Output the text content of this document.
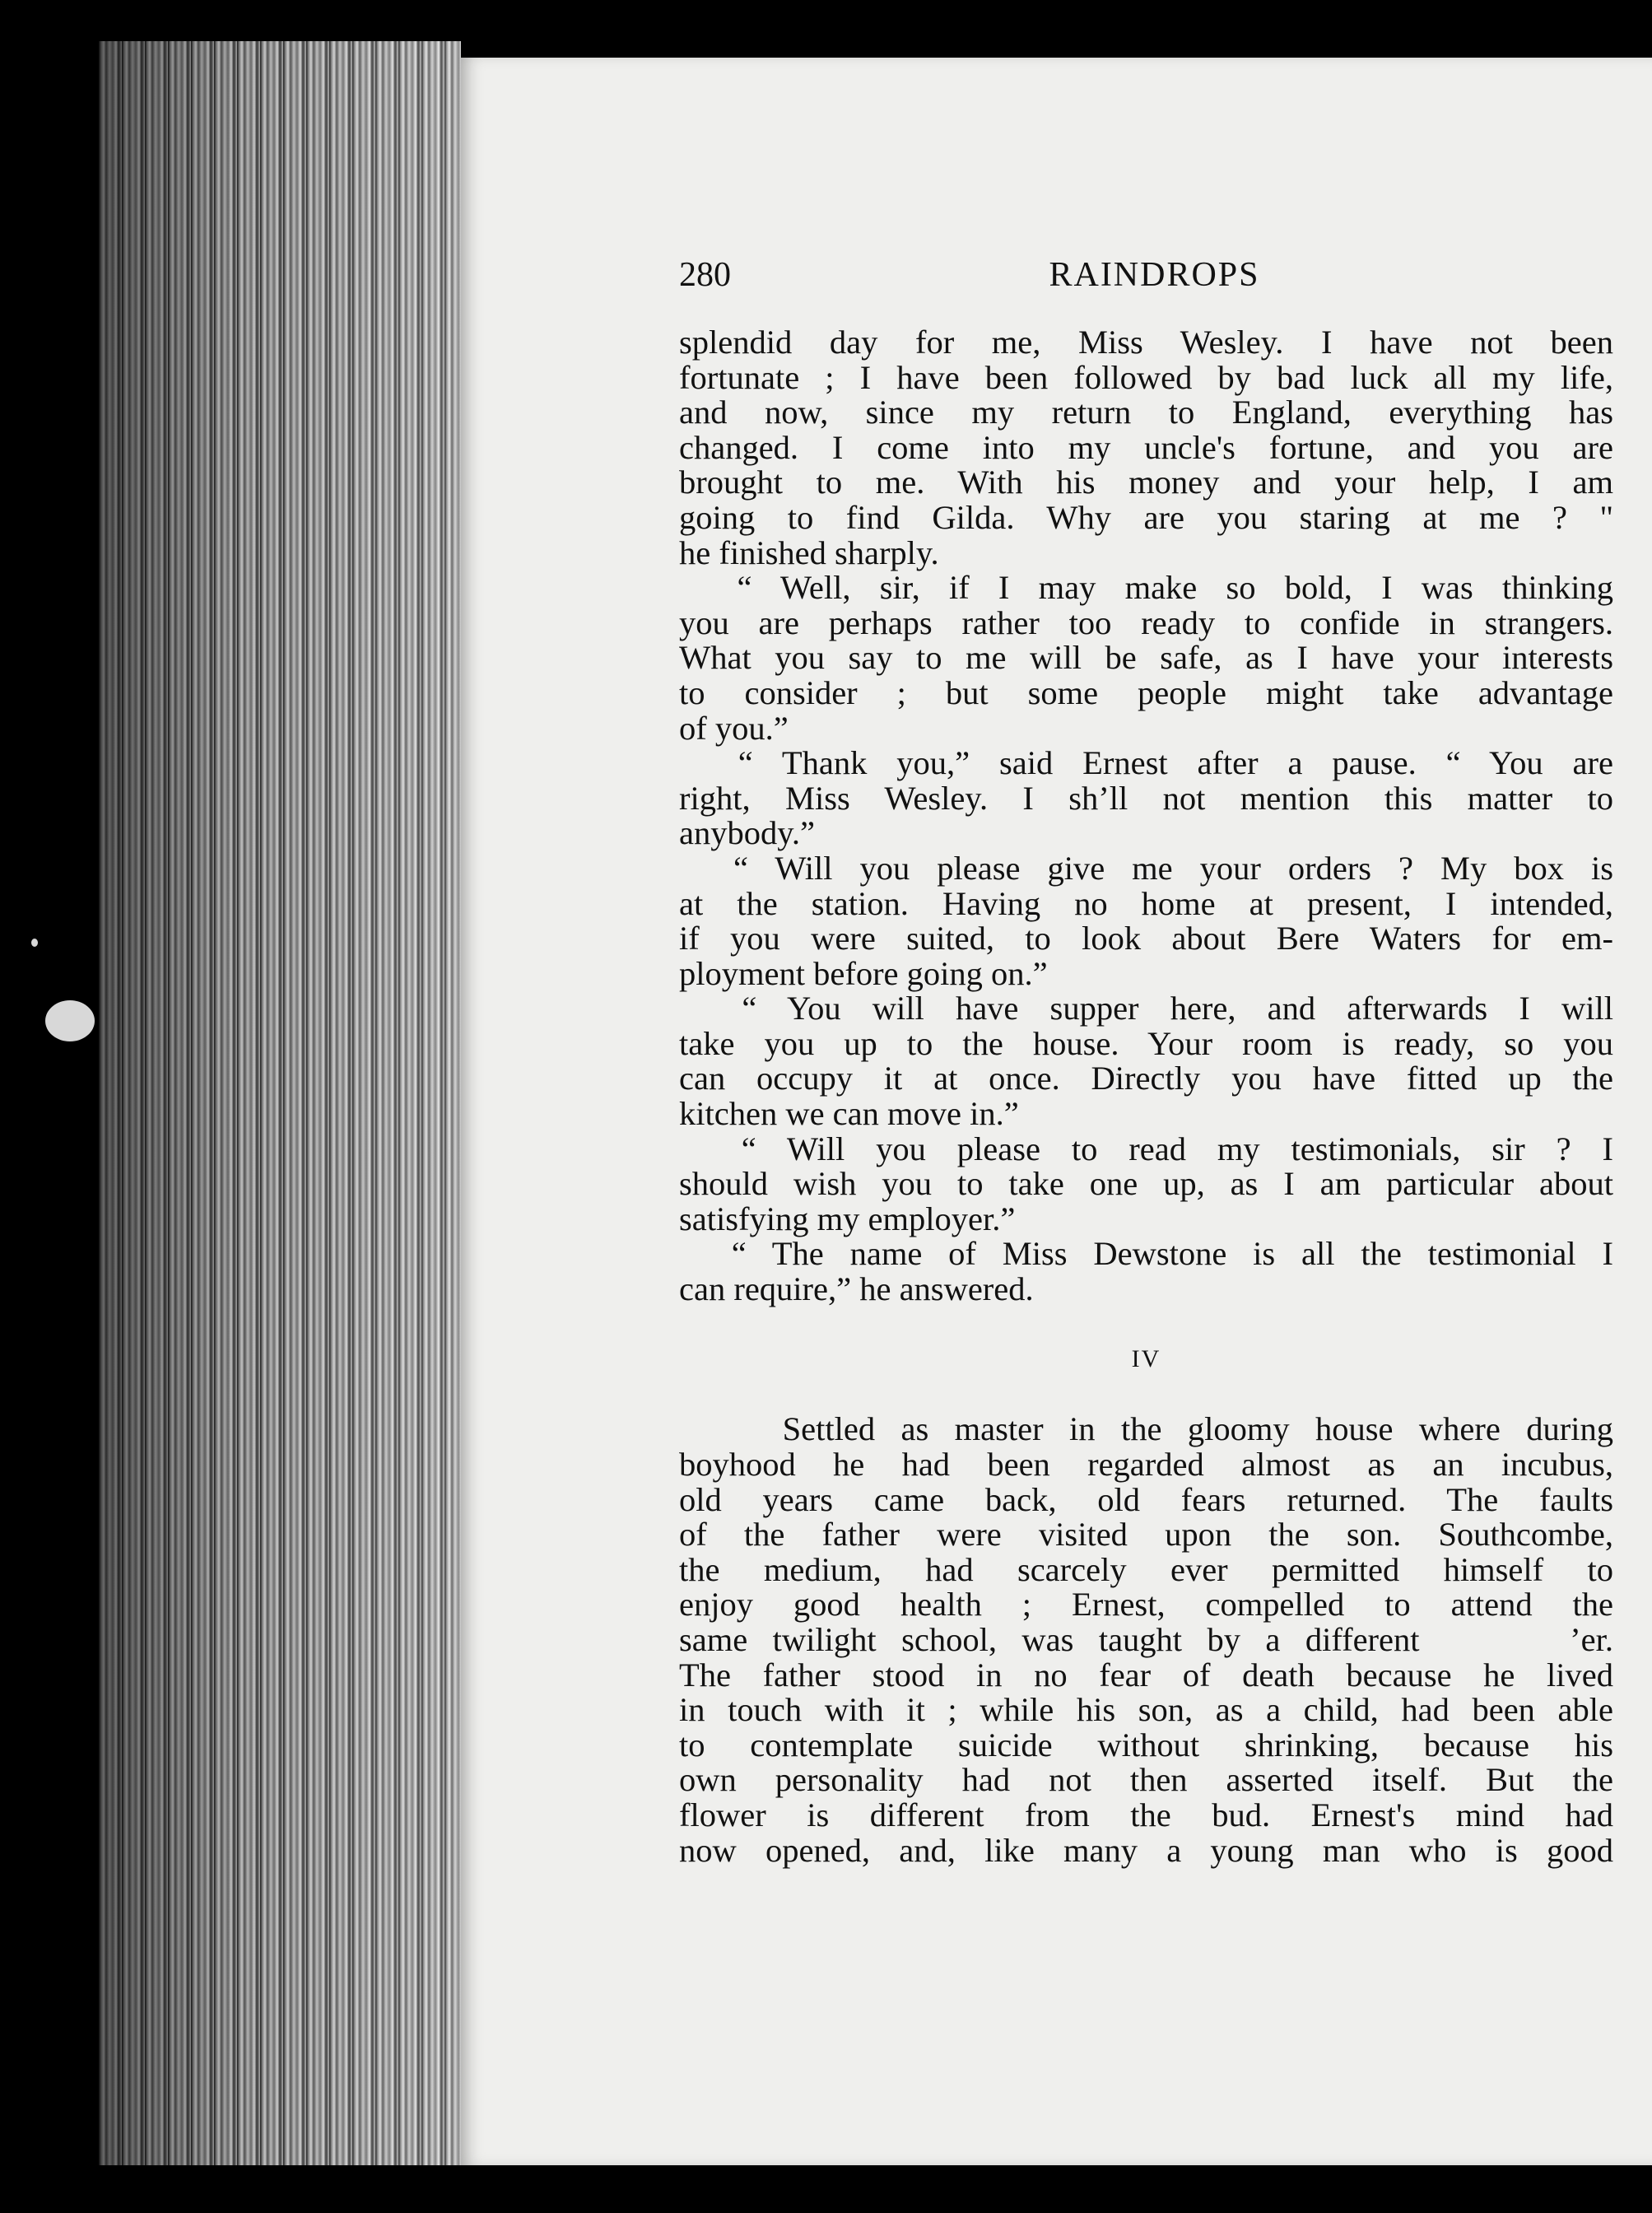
280	RAINDROPS
splendid day for me, Miss Wesley. I have not been
fortunate ; I have been followed by bad luck all my life,
and now, since my return to England, everything has
changed. I come into my uncle's fortune, and you are
brought to me. With his money and your help, I am
going to find Gilda. Why are you staring at me ? "
he finished sharply.
“ Well, sir, if I may make so bold, I was thinking
you are perhaps rather too ready to confide in strangers.
What you say to me will be safe, as I have your interests
to consider ; but some people might take advantage
of you.”
“ Thank you,” said Ernest after a pause. “ You are
right, Miss Wesley. I sh’ll not mention this matter to
anybody.”
“ Will you please give me your orders ? My box is
at the station. Having no home at present, I intended,
if you were suited, to look about Bere Waters for em-
ployment before going on.”
“ You will have supper here, and afterwards I will
take you up to the house. Your room is ready, so you
can occupy it at once. Directly you have fitted up the
kitchen we can move in.”
“ Will you please to read my testimonials, sir ? I
should wish you to take one up, as I am particular about
satisfying my employer.”
“ The name of Miss Dewstone is all the testimonial I
can require,” he answered.
IV
Settled as master in the gloomy house where during
boyhood he had been regarded almost as an incubus,
old years came back, old fears returned. The faults
of the father were visited upon the son. Southcombe,
the medium, had scarcely ever permitted himself to
enjoy good health ; Ernest, compelled to attend the
same twilight school, was taught by a different      ’er.
The father stood in no fear of death because he lived
in touch with it ; while his son, as a child, had been able
to contemplate suicide without shrinking, because his
own personality had not then asserted itself. But the
flower is different from the bud. Ernest's mind had
now opened, and, like many a young man who is good
